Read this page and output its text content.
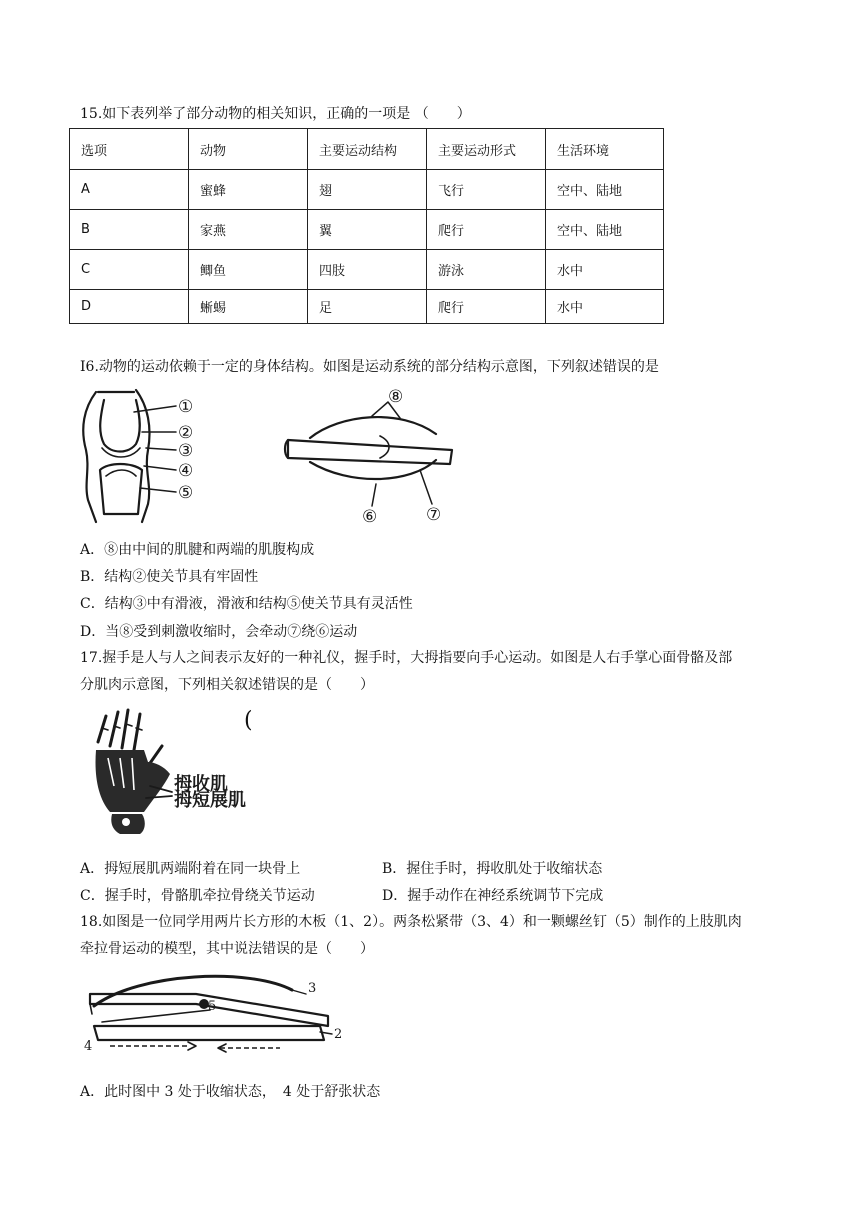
15.如下表列举了部分动物的相关知识，正确的一项是 （　　）
选项	动物	主要运动结构	主要运动形式	生活环境
A	蜜蜂	翅	飞行	空中、陆地
B	家燕	翼	爬行	空中、陆地
C	鲫鱼	四肢	游泳	水中
D	蜥蜴	足	爬行	水中
I6.动物的运动依赖于一定的身体结构。如图是运动系统的部分结构示意图，下列叙述错误的是
①
②
③
④
⑤
⑧
⑥	⑦
A．⑧由中间的肌腱和两端的肌腹构成
B．结构②使关节具有牢固性
C．结构③中有滑液，滑液和结构⑤使关节具有灵活性
D．当⑧受到刺激收缩时，会牵动⑦绕⑥运动
17.握手是人与人之间表示友好的一种礼仪，握手时，大拇指要向手心运动。如图是人右手掌心面骨骼及部
分肌肉示意图，下列相关叙述错误的是（　　）
拇收肌
拇短展肌
(
A．拇短展肌两端附着在同一块骨上	B．握住手时，拇收肌处于收缩状态
C．握手时，骨骼肌牵拉骨绕关节运动	D．握手动作在神经系统调节下完成
18.如图是一位同学用两片长方形的木板（1、2）。两条松紧带（3、4）和一颗螺丝钉（5）制作的上肢肌肉
牵拉骨运动的模型，其中说法错误的是（　　）
3
5
2
4
A．此时图中 3 处于收缩状态，　4 处于舒张状态
